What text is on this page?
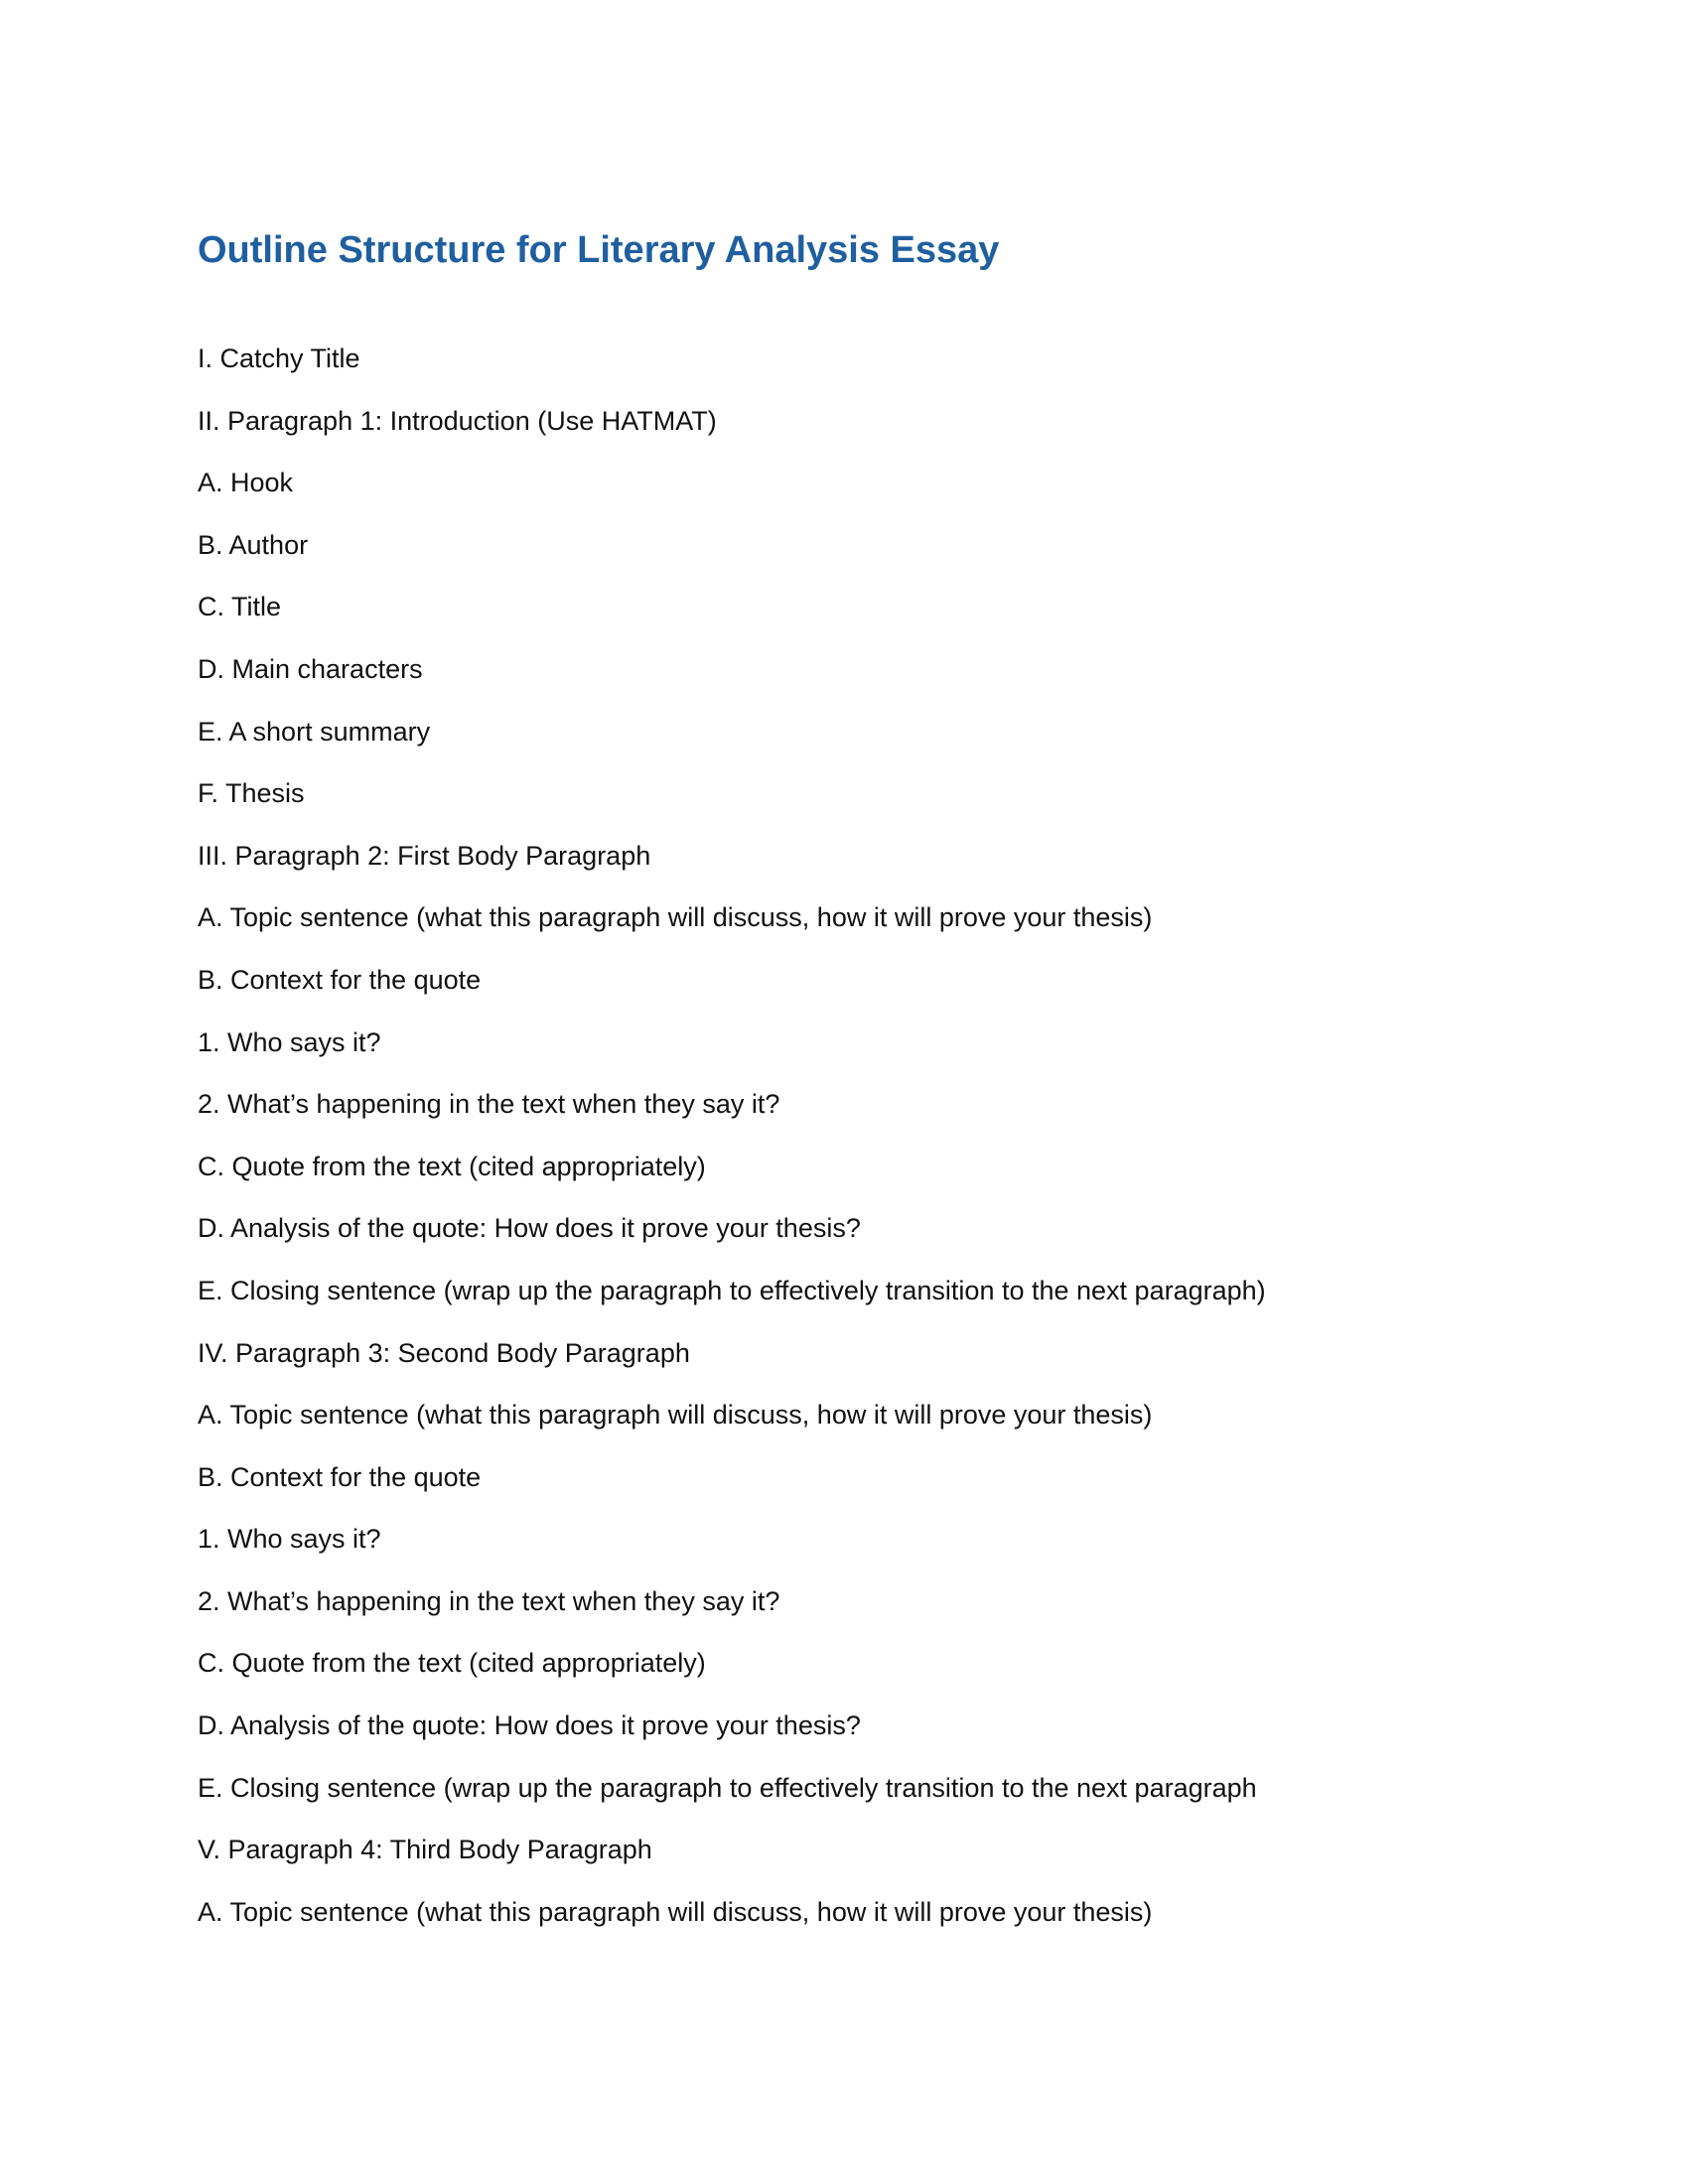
Outline Structure for Literary Analysis Essay
I. Catchy Title
II. Paragraph 1: Introduction (Use HATMAT)
A. Hook
B. Author
C. Title
D. Main characters
E. A short summary
F. Thesis
III. Paragraph 2: First Body Paragraph
A. Topic sentence (what this paragraph will discuss, how it will prove your thesis)
B. Context for the quote
1. Who says it?
2. What’s happening in the text when they say it?
C. Quote from the text (cited appropriately)
D. Analysis of the quote: How does it prove your thesis?
E. Closing sentence (wrap up the paragraph to effectively transition to the next paragraph)
IV. Paragraph 3: Second Body Paragraph
A. Topic sentence (what this paragraph will discuss, how it will prove your thesis)
B. Context for the quote
1. Who says it?
2. What’s happening in the text when they say it?
C. Quote from the text (cited appropriately)
D. Analysis of the quote: How does it prove your thesis?
E. Closing sentence (wrap up the paragraph to effectively transition to the next paragraph
V. Paragraph 4: Third Body Paragraph
A. Topic sentence (what this paragraph will discuss, how it will prove your thesis)
